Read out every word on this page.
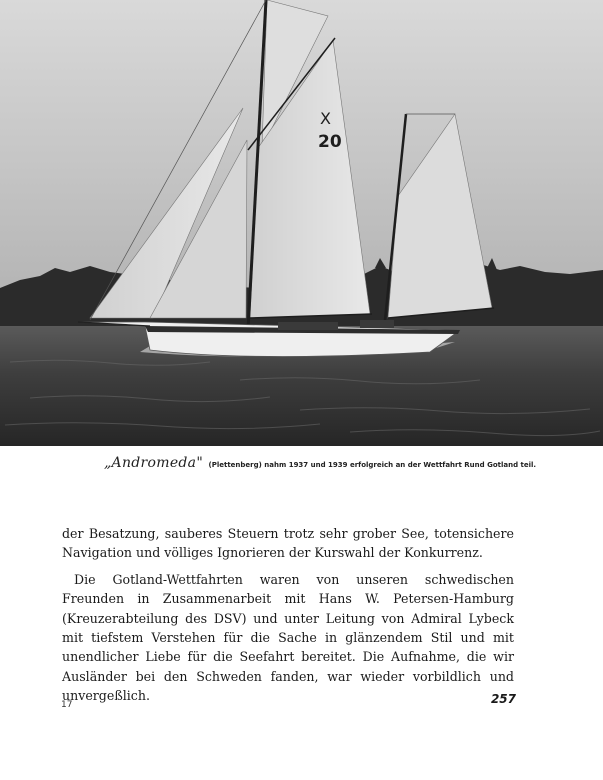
X
20
„Andromeda" (Plettenberg) nahm 1937 und 1939 erfolgreich an der Wettfahrt Rund Gotland teil.

der Besatzung, sauberes Steuern trotz sehr grober See, totensichere Navigation und völliges Ignorieren der Kurswahl der Konkurrenz.

Die Gotland-Wettfahrten waren von unseren schwedischen Freunden in Zusammenarbeit mit Hans W. Petersen-Hamburg (Kreuzerabteilung des DSV) und unter Leitung von Admiral Lybeck mit tiefstem Verstehen für die Sache in glänzendem Stil und mit unendlicher Liebe für die Seefahrt bereitet. Die Aufnahme, die wir Ausländer bei den Schweden fanden, war wieder vorbildlich und unvergeßlich.

17	257
